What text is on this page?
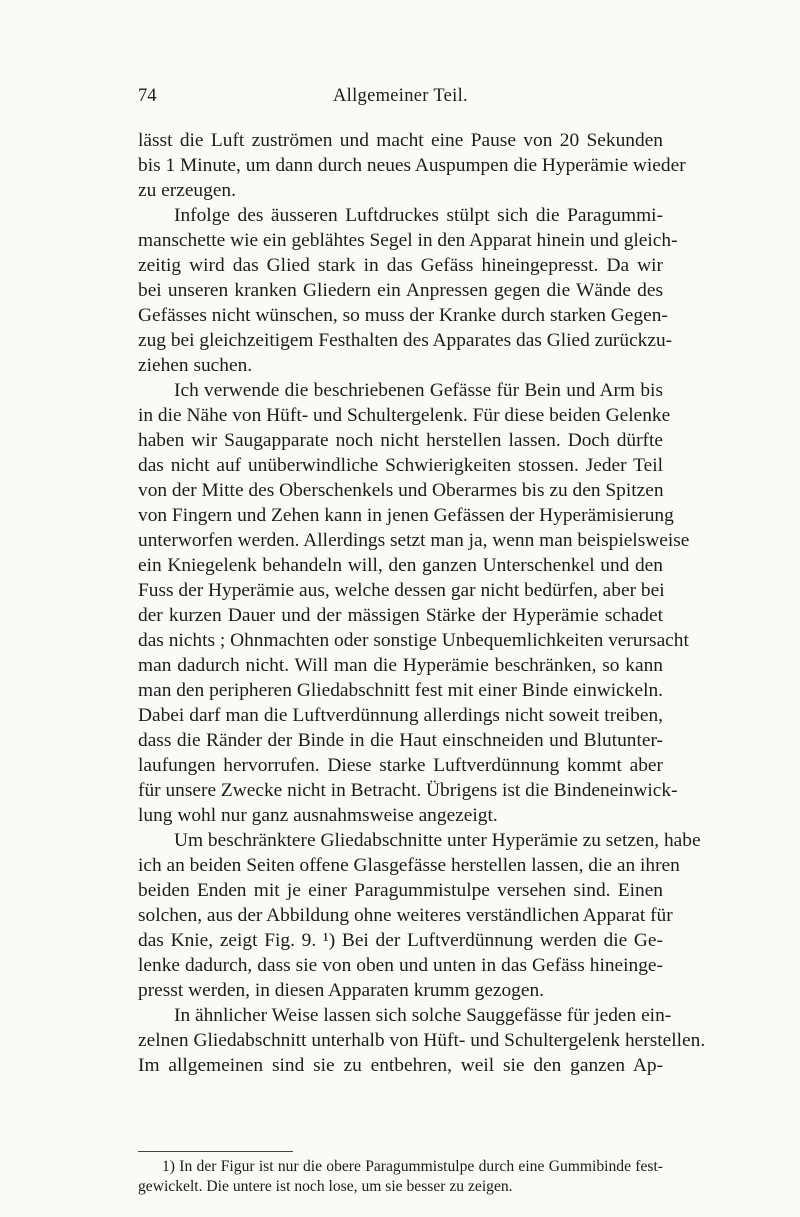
74	Allgemeiner Teil.
lässt die Luft zuströmen und macht eine Pause von 20 Sekunden
bis 1 Minute, um dann durch neues Auspumpen die Hyperämie wieder
zu erzeugen.
Infolge des äusseren Luftdruckes stülpt sich die Paragummi-
manschette wie ein geblähtes Segel in den Apparat hinein und gleich-
zeitig wird das Glied stark in das Gefäss hineingepresst. Da wir
bei unseren kranken Gliedern ein Anpressen gegen die Wände des
Gefässes nicht wünschen, so muss der Kranke durch starken Gegen-
zug bei gleichzeitigem Festhalten des Apparates das Glied zurückzu-
ziehen suchen.
Ich verwende die beschriebenen Gefässe für Bein und Arm bis
in die Nähe von Hüft- und Schultergelenk. Für diese beiden Gelenke
haben wir Saugapparate noch nicht herstellen lassen. Doch dürfte
das nicht auf unüberwindliche Schwierigkeiten stossen. Jeder Teil
von der Mitte des Oberschenkels und Oberarmes bis zu den Spitzen
von Fingern und Zehen kann in jenen Gefässen der Hyperämisierung
unterworfen werden. Allerdings setzt man ja, wenn man beispielsweise
ein Kniegelenk behandeln will, den ganzen Unterschenkel und den
Fuss der Hyperämie aus, welche dessen gar nicht bedürfen, aber bei
der kurzen Dauer und der mässigen Stärke der Hyperämie schadet
das nichts ; Ohnmachten oder sonstige Unbequemlichkeiten verursacht
man dadurch nicht. Will man die Hyperämie beschränken, so kann
man den peripheren Gliedabschnitt fest mit einer Binde einwickeln.
Dabei darf man die Luftverdünnung allerdings nicht soweit treiben,
dass die Ränder der Binde in die Haut einschneiden und Blutunter-
laufungen hervorrufen. Diese starke Luftverdünnung kommt aber
für unsere Zwecke nicht in Betracht. Übrigens ist die Bindeneinwick-
lung wohl nur ganz ausnahmsweise angezeigt.
Um beschränktere Gliedabschnitte unter Hyperämie zu setzen, habe
ich an beiden Seiten offene Glasgefässe herstellen lassen, die an ihren
beiden Enden mit je einer Paragummistulpe versehen sind. Einen
solchen, aus der Abbildung ohne weiteres verständlichen Apparat für
das Knie, zeigt Fig. 9. ¹) Bei der Luftverdünnung werden die Ge-
lenke dadurch, dass sie von oben und unten in das Gefäss hineinge-
presst werden, in diesen Apparaten krumm gezogen.
In ähnlicher Weise lassen sich solche Sauggefässe für jeden ein-
zelnen Gliedabschnitt unterhalb von Hüft- und Schultergelenk herstellen.
Im allgemeinen sind sie zu entbehren, weil sie den ganzen Ap-
1) In der Figur ist nur die obere Paragummistulpe durch eine Gummibinde fest-
gewickelt. Die untere ist noch lose, um sie besser zu zeigen.
